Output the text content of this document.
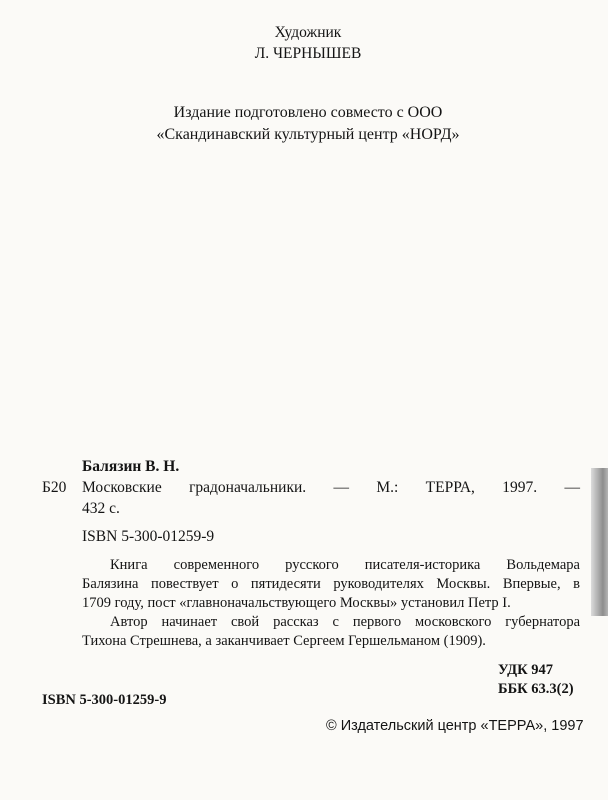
Художник
Л. ЧЕРНЫШЕВ
Издание подготовлено совместо с ООО
«Скандинавский культурный центр «НОРД»
Балязин В. Н.
Б20 Московские градоначальники. — М.: ТЕРРА, 1997. —
432 с.
ISBN 5-300-01259-9
Книга современного русского писателя-историка Вольдемара
Балязина повествует о пятидесяти руководителях Москвы. Впервые, в
1709 году, пост «главноначальствующего Москвы» установил Петр I.
Автор начинает свой рассказ с первого московского губернатора
Тихона Стрешнева, а заканчивает Сергеем Гершельманом (1909).
УДК 947
ББК 63.3(2)
ISBN 5-300-01259-9
© Издательский центр «ТЕРРА», 1997
